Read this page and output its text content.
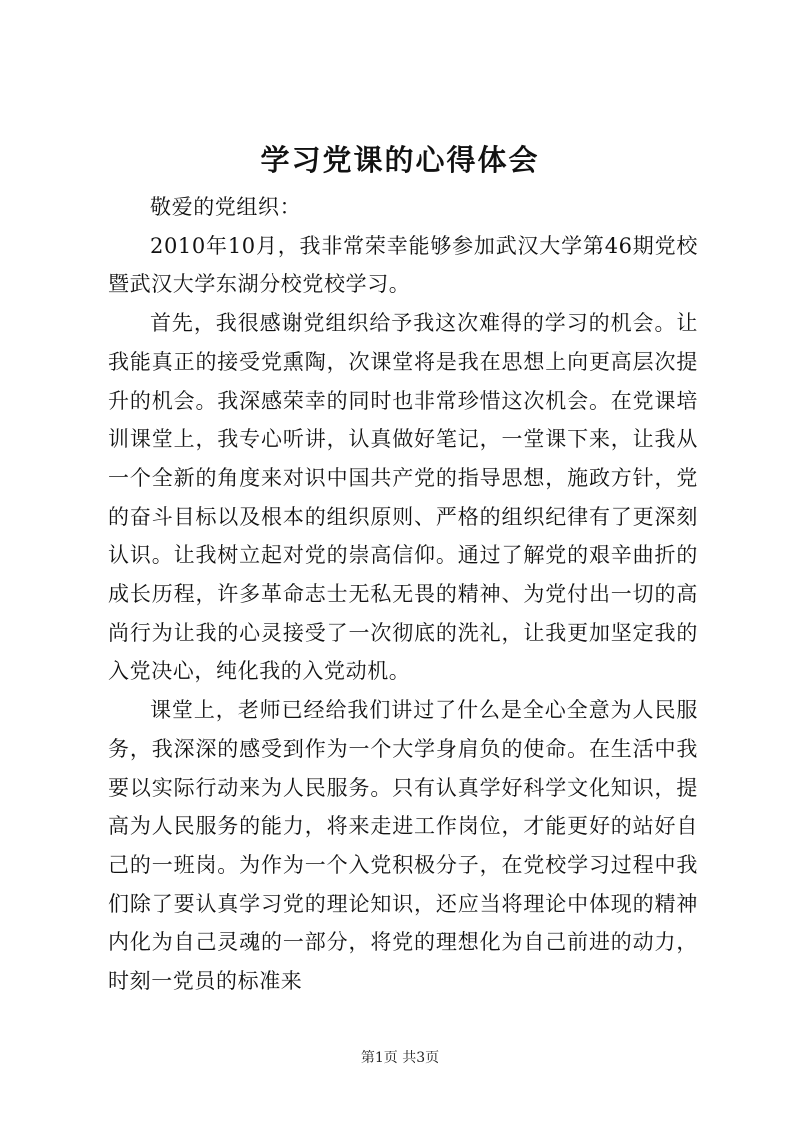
学习党课的心得体会

敬爱的党组织：

2010年10月，我非常荣幸能够参加武汉大学第46期党校暨武汉大学东湖分校党校学习。

首先，我很感谢党组织给予我这次难得的学习的机会。让我能真正的接受党熏陶，次课堂将是我在思想上向更高层次提升的机会。我深感荣幸的同时也非常珍惜这次机会。在党课培训课堂上，我专心听讲，认真做好笔记，一堂课下来，让我从一个全新的角度来对识中国共产党的指导思想，施政方针，党的奋斗目标以及根本的组织原则、严格的组织纪律有了更深刻认识。让我树立起对党的崇高信仰。通过了解党的艰辛曲折的成长历程，许多革命志士无私无畏的精神、为党付出一切的高尚行为让我的心灵接受了一次彻底的洗礼，让我更加坚定我的入党决心，纯化我的入党动机。

课堂上，老师已经给我们讲过了什么是全心全意为人民服务，我深深的感受到作为一个大学身肩负的使命。在生活中我要以实际行动来为人民服务。只有认真学好科学文化知识，提高为人民服务的能力，将来走进工作岗位，才能更好的站好自己的一班岗。为作为一个入党积极分子，在党校学习过程中我们除了要认真学习党的理论知识，还应当将理论中体现的精神内化为自己灵魂的一部分，将党的理想化为自己前进的动力，时刻一党员的标准来

第1页 共3页
